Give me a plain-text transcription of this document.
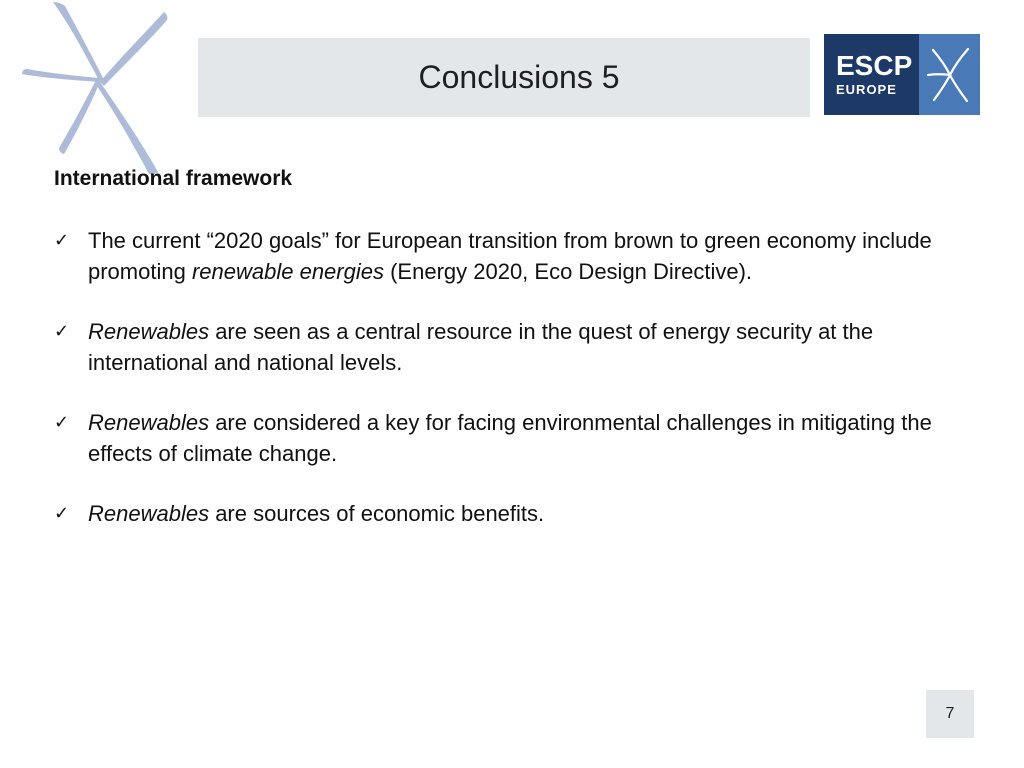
Conclusions 5	ESCP
EUROPE
International framework
✓ The current “2020 goals” for European transition from brown to green economy include promoting renewable energies (Energy 2020, Eco Design Directive).
✓ Renewables are seen as a central resource in the quest of energy security at the international and national levels.
✓ Renewables are considered a key for facing environmental challenges in mitigating the effects of climate change.
✓ Renewables are sources of economic benefits.
7
